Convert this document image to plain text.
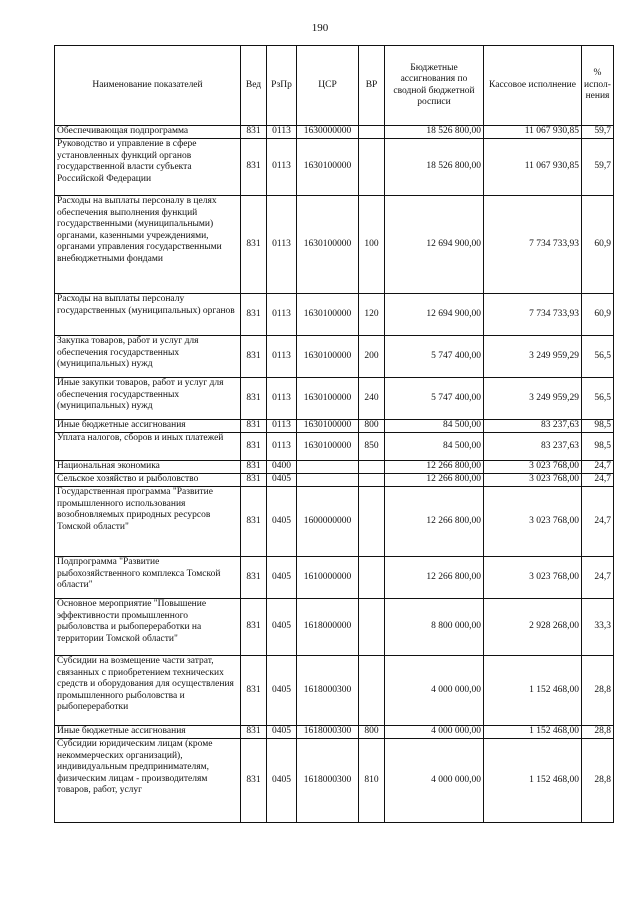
190
Наименование показателей	Вед	РзПр	ЦСР	ВР	Бюджетные ассигнования по сводной бюджетной росписи	Кассовое исполнение	% испол-нения
Обеспечивающая подпрограмма	831	0113	1630000000		18 526 800,00	11 067 930,85	59,7
Руководство и управление в сфере установленных функций органов государственной власти субъекта Российской Федерации	831	0113	1630100000		18 526 800,00	11 067 930,85	59,7
Расходы на выплаты персоналу в целях обеспечения выполнения функций государственными (муниципальными) органами, казенными учреждениями, органами управления государственными внебюджетными фондами	831	0113	1630100000	100	12 694 900,00	7 734 733,93	60,9
Расходы на выплаты персоналу государственных (муниципальных) органов	831	0113	1630100000	120	12 694 900,00	7 734 733,93	60,9
Закупка товаров, работ и услуг для обеспечения государственных (муниципальных) нужд	831	0113	1630100000	200	5 747 400,00	3 249 959,29	56,5
Иные закупки товаров, работ и услуг для обеспечения государственных (муниципальных) нужд	831	0113	1630100000	240	5 747 400,00	3 249 959,29	56,5
Иные бюджетные ассигнования	831	0113	1630100000	800	84 500,00	83 237,63	98,5
Уплата налогов, сборов и иных платежей	831	0113	1630100000	850	84 500,00	83 237,63	98,5
Национальная экономика	831	0400			12 266 800,00	3 023 768,00	24,7
Сельское хозяйство и рыболовство	831	0405			12 266 800,00	3 023 768,00	24,7
Государственная программа "Развитие промышленного использования возобновляемых природных ресурсов Томской области"	831	0405	1600000000		12 266 800,00	3 023 768,00	24,7
Подпрограмма "Развитие рыбохозяйственного комплекса Томской области"	831	0405	1610000000		12 266 800,00	3 023 768,00	24,7
Основное мероприятие "Повышение эффективности промышленного рыболовства и рыбопереработки на территории Томской области"	831	0405	1618000000		8 800 000,00	2 928 268,00	33,3
Субсидии на возмещение части затрат, связанных с приобретением технических средств и оборудования для осуществления промышленного рыболовства и рыбопереработки	831	0405	1618000300		4 000 000,00	1 152 468,00	28,8
Иные бюджетные ассигнования	831	0405	1618000300	800	4 000 000,00	1 152 468,00	28,8
Субсидии юридическим лицам (кроме некоммерческих организаций), индивидуальным предпринимателям, физическим лицам - производителям товаров, работ, услуг	831	0405	1618000300	810	4 000 000,00	1 152 468,00	28,8
